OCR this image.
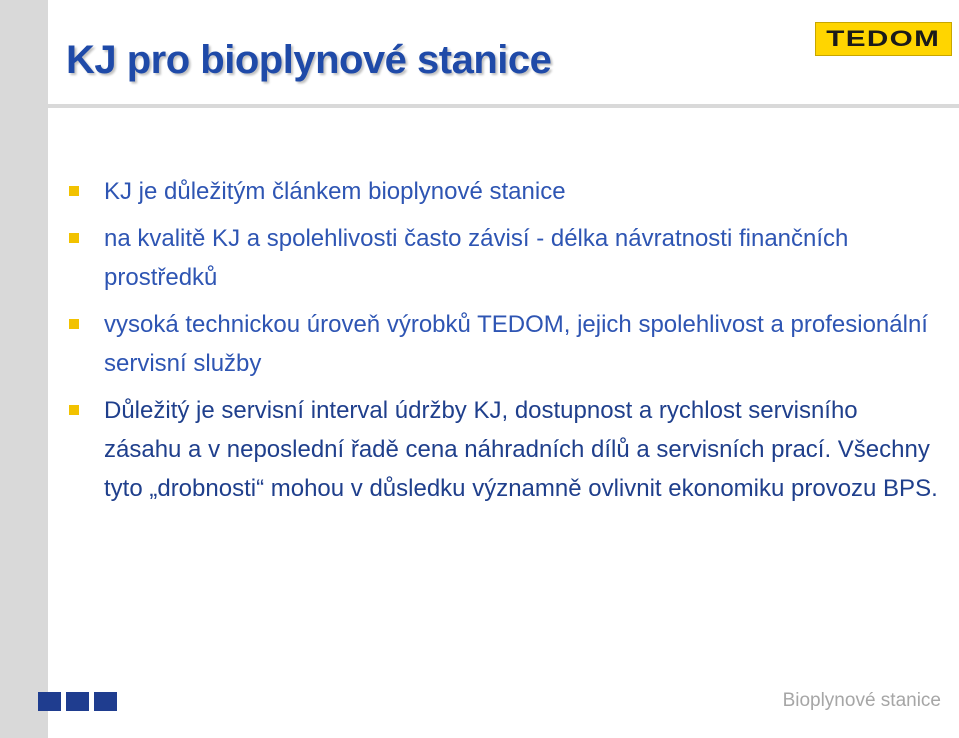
KJ pro bioplynové stanice	TEDOM
KJ je důležitým článkem bioplynové stanice
na kvalitě KJ a spolehlivosti často závisí - délka návratnosti finančních prostředků
vysoká technickou úroveň výrobků TEDOM, jejich spolehlivost a profesionální servisní služby
Důležitý je servisní interval údržby KJ, dostupnost a rychlost servisního zásahu a v neposlední řadě cena náhradních dílů a servisních prací. Všechny tyto „drobnosti“ mohou v důsledku významně ovlivnit ekonomiku provozu BPS.
Bioplynové stanice
